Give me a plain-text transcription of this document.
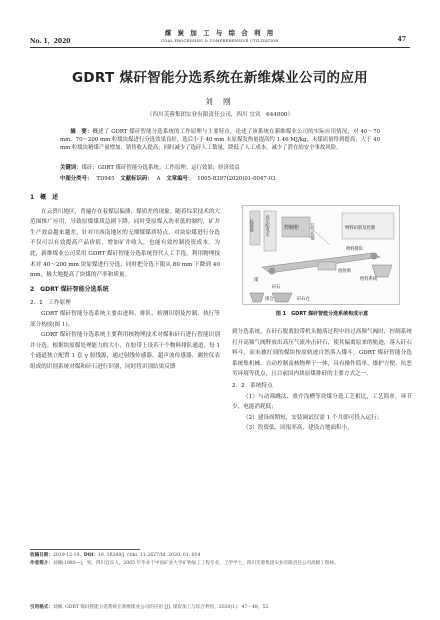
No. 1，2020
煤 炭 加 工 与 综 合 利 用
COAL PROCESSING & COMPREHENSIVE UTILIZATION	47
GDRT 煤矸智能分选系统在新维煤业公司的应用
刘 刚
（四川芙蓉集团实业有限责任公司，四川 宜宾　644000）
摘　要：概述了 GDRT 煤矸智能分选系统的工作原理与主要特点，论述了该系统在新维煤业公司的实际应用情况，对 40～70 mm、70～200 mm 粒级块煤进行分选效果良好，选后小于 40 mm 末原煤发热量提高约 1.46 MJ/kg，末煤质量得到提高；大于 40 mm 粒级块精煤产量增加，销售收入提高；同时减少了选矸人工数量，降低了人工成本，减少了潜在的安全事故风险。
关键词：煤矸；GDRT 煤矸智能分选系统；工作原理；运行效果；经济效益
中图分类号： TD945 文献标识码： A 文章编号： 1005-8397(2020)01-0047-03
1　概　述

在云贵川地区，普遍存在着煤层偏薄、煤质差的现象。随着综采技术的大范围推广应用，导致原煤煤质急剧下降，同时受原煤入洗率低的制约，矿井生产效益越来越差。针对川西南地区的无烟煤煤质特点，对块原煤进行分选不仅可以有效提高产品价值，增加矿井收入，也能有效控制投资成本。为此，新维煤业公司采用 GDRT 煤矸智能分选系统替代人工手选，利用物理技术对 40～200 mm 块原煤进行分选，同时把分选下限从 80 mm 下降到 40 mm，极大地提高了块煤的产率和质量。

2　GDRT 煤矸智能分选系统
2．1　工作原理

GDRT 煤矸智能分选系统主要由进料、排队、检测识别及控制、执行等部分构成(图 1)。

GDRT 煤矸智能分选系统主要利用核物理技术对煤和矸石进行智能识别并分选。根据块原煤处理能力的大小，在胶带上设若干个物料排队通道，每 1 个通道独立配置 1 套 γ 射线源，通过射线传感器、超声波传感器、测控仪表组成的识别系统对煤和矸石进行识别，同时将识别结果反馈

局部墙	高压配电室	控制柜 信号传输	物料识别及控制
物料排队
放射源
煤
矸石
煤仓	矸石仓
给料系统
图 1　GDRT 煤矸智能分选系统构成示意

到分选系统，在矸石脱离胶带机头抛落过程中经过高频气阀时，控制系统打开高频气阀释放出高压气流冲击矸石，使其偏离原来的轨迹，落入矸石料斗，而末被打到的煤块按原轨迹自然落入煤斗。GDRT 煤矸智能分选系统集机械、自动控制及核物理于一体，具有操作简单、维护方便、抗恶劣环境等优点，且目前国内块原煤排矸的主要方式之一。

2．2　系统特点

（1）与动筛跳汰、重介浅槽等块煤分选工艺相比，工艺简单，环节少，电能消耗低；

（2）建设周期短，安装调试仅需 1 个月即可投入运行；

（3）投资低、回报率高，建设占地面积小，

收稿日期：2019-12-19 DOI：10. 16200/j. cnki. 11-2627/td. 2020. 01. 014
作者简介：刘刚(1980—)，男，四川宜宾人，2005 年毕业于中国矿业大学矿物加工工程专业，工学学士，四川芙蓉集团实业有限责任公司高级工程师。
引用格式：刘刚. GDRT 煤矸智能分选系统在新维煤业公司的应用 [J]. 煤炭加工与综合利用，2020(1)：47－48，52.
